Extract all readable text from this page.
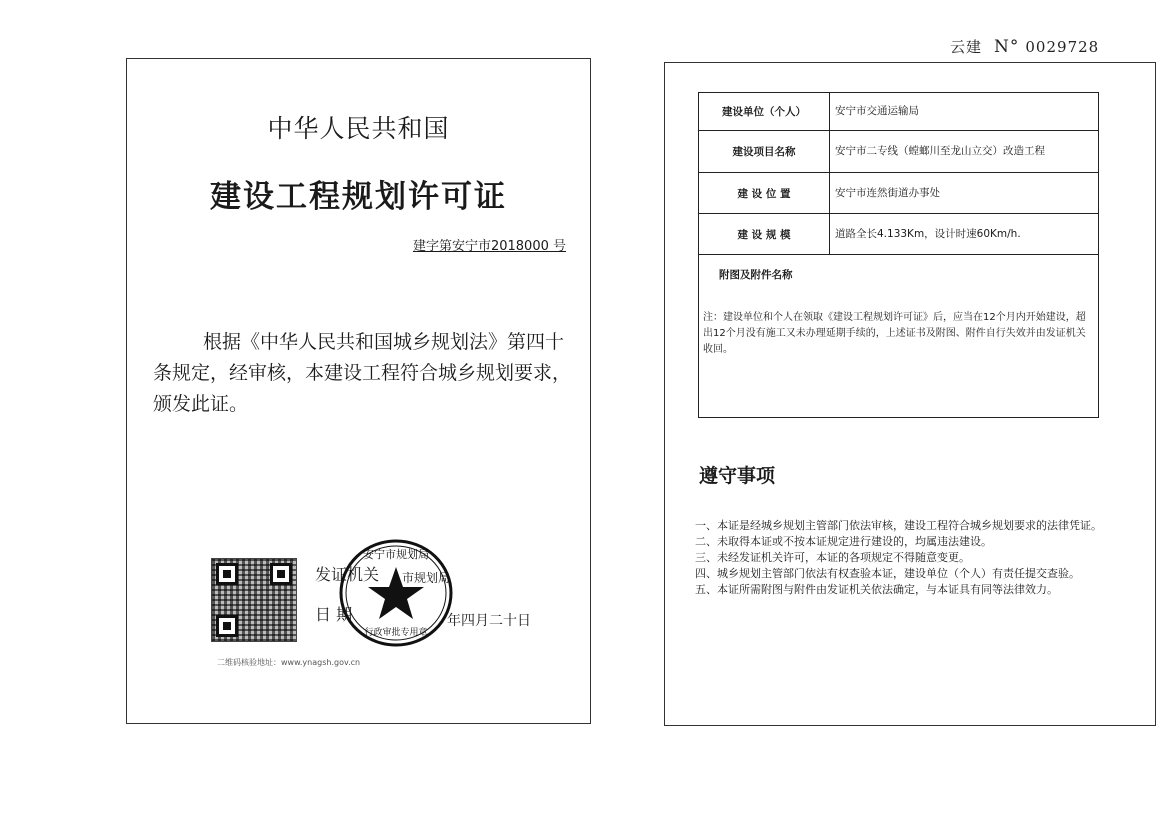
云建 N° 0029728
中华人民共和国
建设工程规划许可证
建字第安宁市2018000 号
根据《中华人民共和国城乡规划法》第四十条规定，经审核，本建设工程符合城乡规划要求，颁发此证。
发证机关 市规划局
日 期	年四月二十日
二维码核验地址：www.ynagsh.gov.cn
安宁市规划局
行政审批专用章
建设单位（个人）	安宁市交通运输局
建设项目名称	安宁市二专线（螳螂川至龙山立交）改造工程
建 设 位 置	安宁市连然街道办事处
建 设 规 模	道路全长4.133Km，设计时速60Km/h.
附图及附件名称
注：建设单位和个人在领取《建设工程规划许可证》后，应当在12个月内开始建设，超出12个月没有施工又未办理延期手续的，上述证书及附图、附件自行失效并由发证机关收回。
遵守事项
一、本证是经城乡规划主管部门依法审核，建设工程符合城乡规划要求的法律凭证。
二、未取得本证或不按本证规定进行建设的，均属违法建设。
三、未经发证机关许可，本证的各项规定不得随意变更。
四、城乡规划主管部门依法有权查验本证，建设单位（个人）有责任提交查验。
五、本证所需附图与附件由发证机关依法确定，与本证具有同等法律效力。
